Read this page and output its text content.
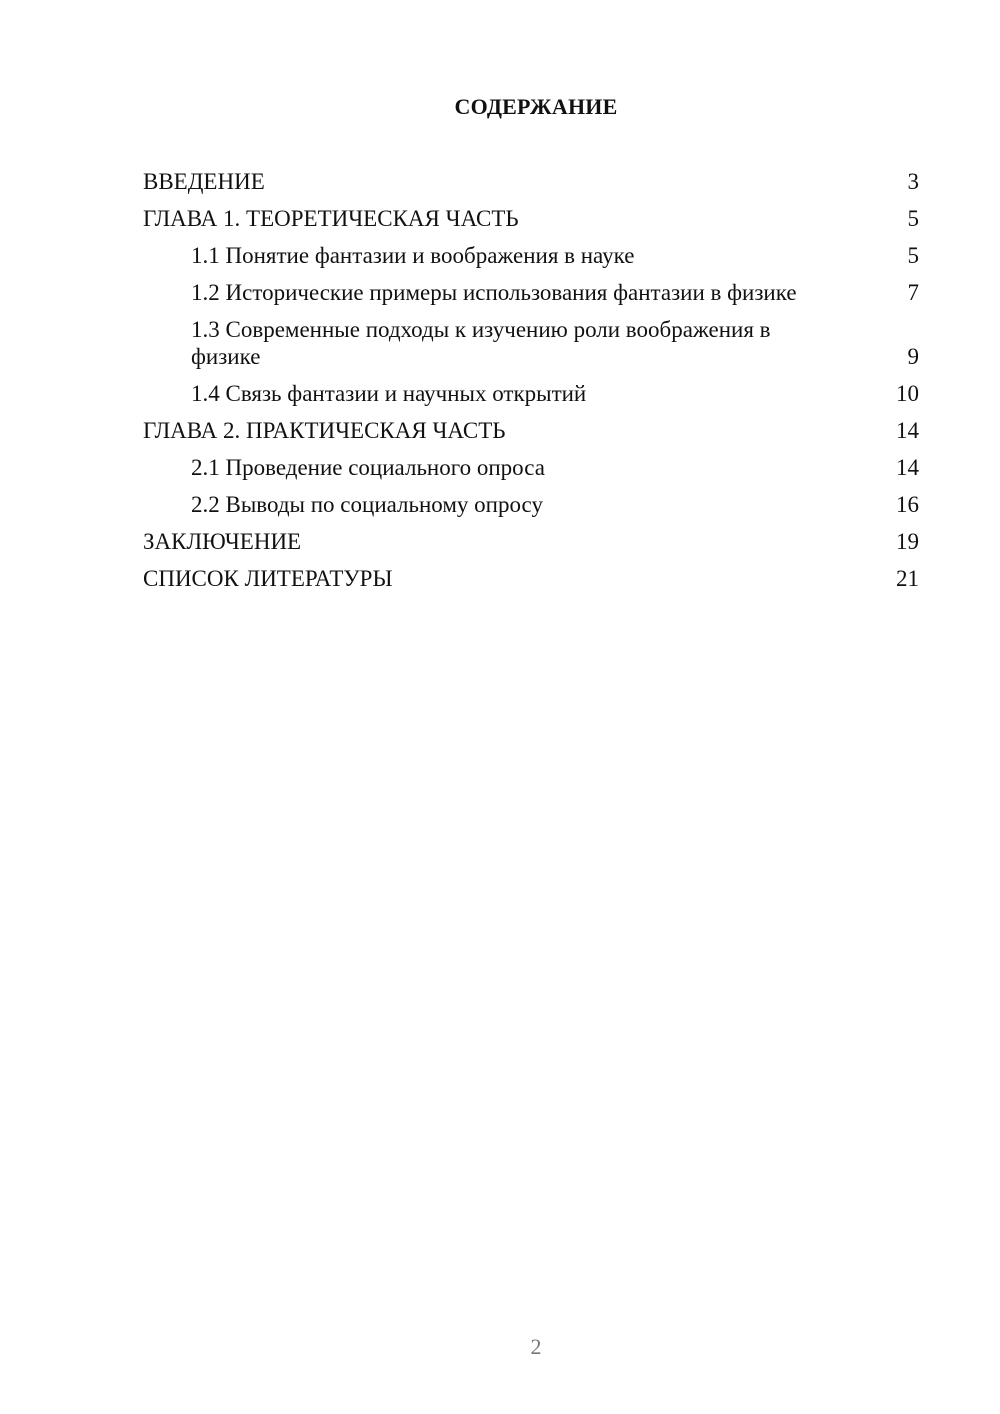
СОДЕРЖАНИЕ
ВВЕДЕНИЕ	3
ГЛАВА 1. ТЕОРЕТИЧЕСКАЯ ЧАСТЬ	5
1.1 Понятие фантазии и воображения в науке	5
1.2 Исторические примеры использования фантазии в физике	7
1.3 Современные подходы к изучению роли воображения в физике	9
1.4 Связь фантазии и научных открытий	10
ГЛАВА 2. ПРАКТИЧЕСКАЯ ЧАСТЬ	14
2.1 Проведение социального опроса	14
2.2 Выводы по социальному опросу	16
ЗАКЛЮЧЕНИЕ	19
СПИСОК ЛИТЕРАТУРЫ	21
2
